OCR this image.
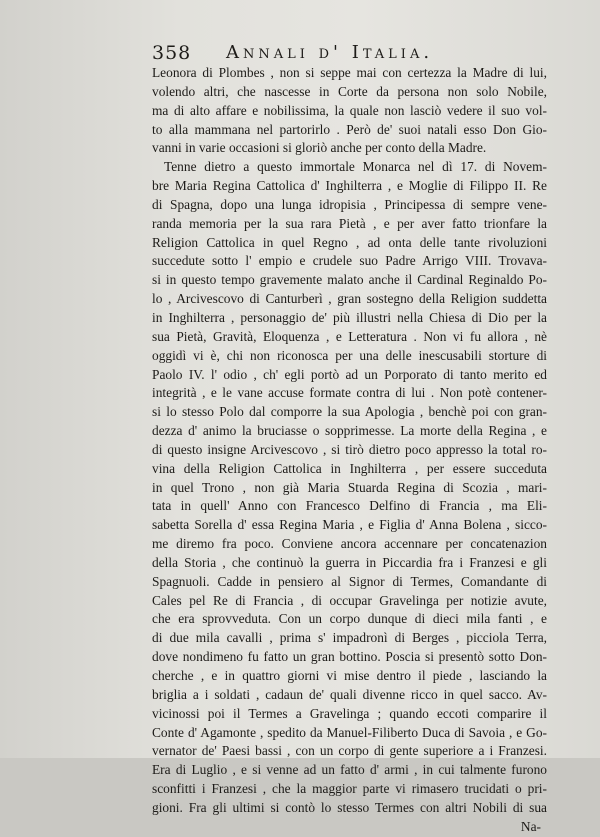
358 Annali d' Italia.
Leonora di Plombes , non si seppe mai con certezza la Madre di lui,
volendo altri, che nascesse in Corte da persona non solo Nobile,
ma di alto affare e nobilissima, la quale non lasciò vedere il suo vol-
to alla mammana nel partorirlo . Però de' suoi natali esso Don Gio-
vanni in varie occasioni si gloriò anche per conto della Madre.
Tenne dietro a questo immortale Monarca nel dì 17. di Novem-
bre Maria Regina Cattolica d' Inghilterra , e Moglie di Filippo II. Re
di Spagna, dopo una lunga idropisia , Principessa di sempre vene-
randa memoria per la sua rara Pietà , e per aver fatto trionfare la
Religion Cattolica in quel Regno , ad onta delle tante rivoluzioni
succedute sotto l' empio e crudele suo Padre Arrigo VIII. Trovava-
si in questo tempo gravemente malato anche il Cardinal Reginaldo Po-
lo , Arcivescovo di Canturberì , gran sostegno della Religion suddetta
in Inghilterra , personaggio de' più illustri nella Chiesa di Dio per la
sua Pietà, Gravità, Eloquenza , e Letteratura . Non vi fu allora , nè
oggidì vi è, chi non riconosca per una delle inescusabili storture di
Paolo IV. l' odio , ch' egli portò ad un Porporato di tanto merito ed
integrità , e le vane accuse formate contra di lui . Non potè contener-
si lo stesso Polo dal comporre la sua Apologia , benchè poi con gran-
dezza d' animo la bruciasse o sopprimesse. La morte della Regina , e
di questo insigne Arcivescovo , si tirò dietro poco appresso la total ro-
vina della Religion Cattolica in Inghilterra , per essere succeduta
in quel Trono , non già Maria Stuarda Regina di Scozia , mari-
tata in quell' Anno con Francesco Delfino di Francia , ma Eli-
sabetta Sorella d' essa Regina Maria , e Figlia d' Anna Bolena , sicco-
me diremo fra poco. Conviene ancora accennare per concatenazion
della Storia , che continuò la guerra in Piccardia fra i Franzesi e gli
Spagnuoli. Cadde in pensiero al Signor di Termes, Comandante di
Cales pel Re di Francia , di occupar Gravelinga per notizie avute,
che era sprovveduta. Con un corpo dunque di dieci mila fanti , e
di due mila cavalli , prima s' impadronì di Berges , picciola Terra,
dove nondimeno fu fatto un gran bottino. Poscia si presentò sotto Don-
cherche , e in quattro giorni vi mise dentro il piede , lasciando la
briglia a i soldati , cadaun de' quali divenne ricco in quel sacco. Av-
vicinossi poi il Termes a Gravelinga ; quando eccoti comparire il
Conte d' Agamonte , spedito da Manuel-Filiberto Duca di Savoia , e Go-
vernator de' Paesi bassi , con un corpo di gente superiore a i Franzesi.
Era di Luglio , e si venne ad un fatto d' armi , in cui talmente furono
sconfitti i Franzesi , che la maggior parte vi rimasero trucidati o pri-
gioni. Fra gli ultimi si contò lo stesso Termes con altri Nobili di sua
Na-
